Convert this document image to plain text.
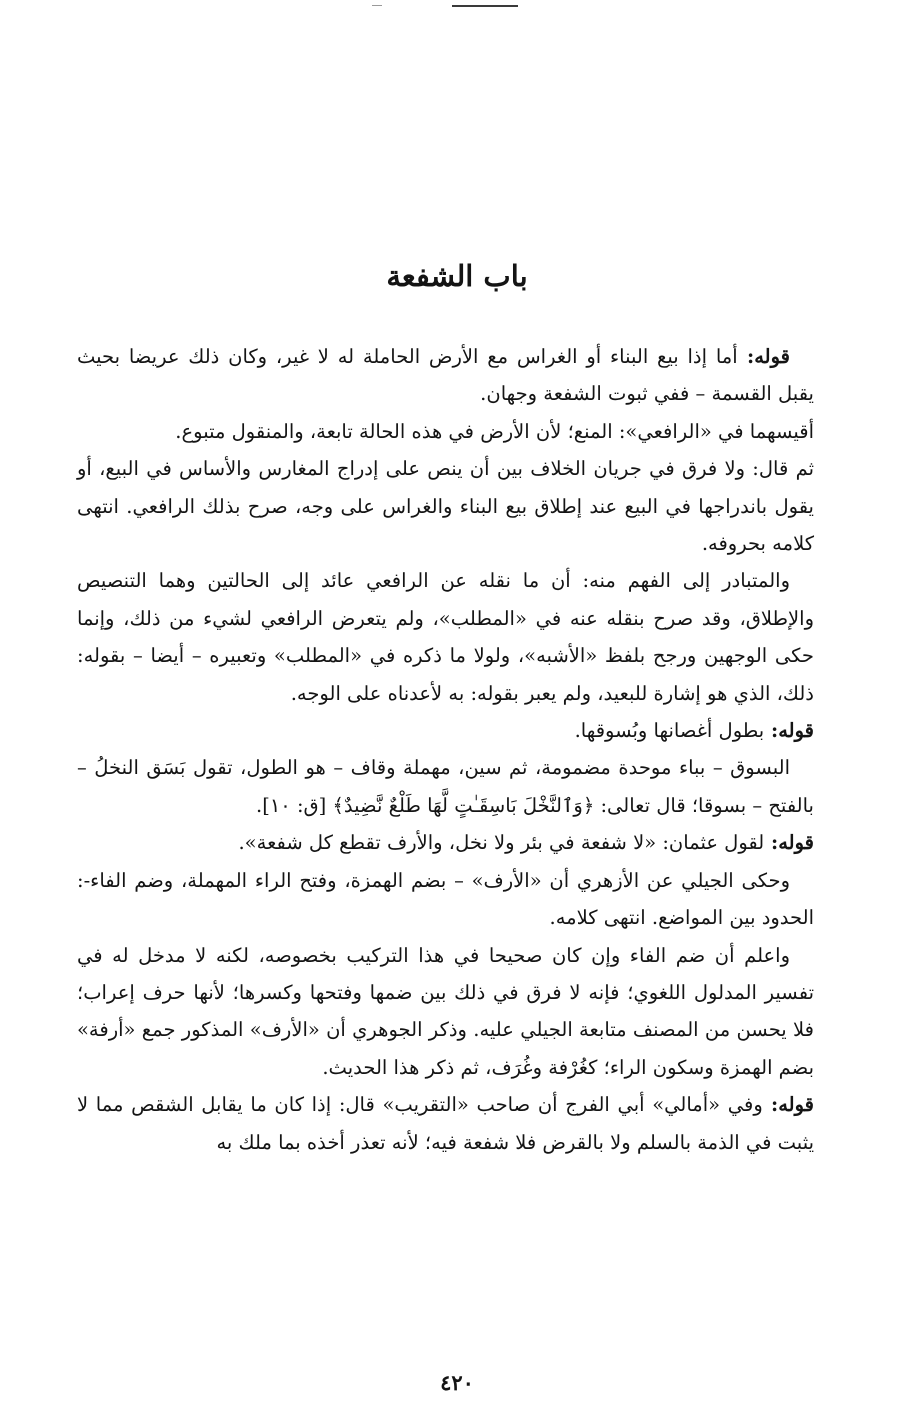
باب الشفعة

قوله: أما إذا بيع البناء أو الغراس مع الأرض الحاملة له لا غير، وكان ذلك عريضا بحيث يقبل القسمة – ففي ثبوت الشفعة وجهان.

أقيسهما في «الرافعي»: المنع؛ لأن الأرض في هذه الحالة تابعة، والمنقول متبوع.

ثم قال: ولا فرق في جريان الخلاف بين أن ينص على إدراج المغارس والأساس في البيع، أو يقول باندراجها في البيع عند إطلاق بيع البناء والغراس على وجه، صرح بذلك الرافعي. انتهى كلامه بحروفه.

والمتبادر إلى الفهم منه: أن ما نقله عن الرافعي عائد إلى الحالتين وهما التنصيص والإطلاق، وقد صرح بنقله عنه في «المطلب»، ولم يتعرض الرافعي لشيء من ذلك، وإنما حكى الوجهين ورجح بلفظ «الأشبه»، ولولا ما ذكره في «المطلب» وتعبيره – أيضا – بقوله: ذلك، الذي هو إشارة للبعيد، ولم يعبر بقوله: به لأعدناه على الوجه.

قوله: بطول أغصانها وبُسوقها.

البسوق – بباء موحدة مضمومة، ثم سين، مهملة وقاف – هو الطول، تقول بَسَق النخلُ – بالفتح – بسوقا؛ قال تعالى: ﴿وَٱلنَّخْلَ بَاسِقَـٰتٍ لَّهَا طَلْعٌ نَّضِيدٌ﴾ [ق: ١٠].

قوله: لقول عثمان: «لا شفعة في بئر ولا نخل، والأرف تقطع كل شفعة».

وحكى الجيلي عن الأزهري أن «الأرف» – بضم الهمزة، وفتح الراء المهملة، وضم الفاء-: الحدود بين المواضع. انتهى كلامه.

واعلم أن ضم الفاء وإن كان صحيحا في هذا التركيب بخصوصه، لكنه لا مدخل له في تفسير المدلول اللغوي؛ فإنه لا فرق في ذلك بين ضمها وفتحها وكسرها؛ لأنها حرف إعراب؛ فلا يحسن من المصنف متابعة الجيلي عليه. وذكر الجوهري أن «الأرف» المذكور جمع «أرفة» بضم الهمزة وسكون الراء؛ كغُرْفة وغُرَف، ثم ذكر هذا الحديث.

قوله: وفي «أمالي» أبي الفرج أن صاحب «التقريب» قال: إذا كان ما يقابل الشقص مما لا يثبت في الذمة بالسلم ولا بالقرض فلا شفعة فيه؛ لأنه تعذر أخذه بما ملك به

٤٢٠
